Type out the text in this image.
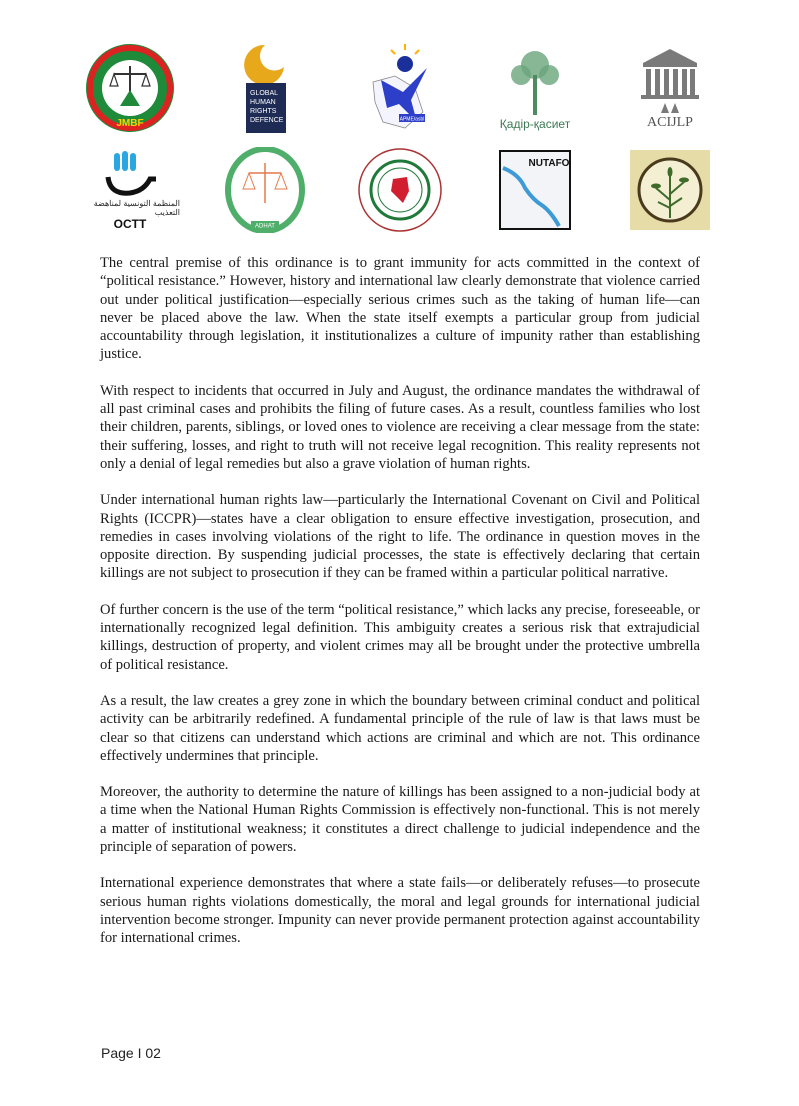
JMBF
GLOBAL
HUMAN
RIGHTS
DEFENCE	APME/asbl	Қадір-қасиет	ACIJLP
المنظمة التونسية لمناهضة التعذيب
OCTT	ADHAT
NUTAFO

The central premise of this ordinance is to grant immunity for acts committed in the context of “political resistance.” However, history and international law clearly demonstrate that violence carried out under political justification—especially serious crimes such as the taking of human life—can never be placed above the law. When the state itself exempts a particular group from judicial accountability through legislation, it institutionalizes a culture of impunity rather than establishing justice.

With respect to incidents that occurred in July and August, the ordinance mandates the withdrawal of all past criminal cases and prohibits the filing of future cases. As a result, countless families who lost their children, parents, siblings, or loved ones to violence are receiving a clear message from the state: their suffering, losses, and right to truth will not receive legal recognition. This reality represents not only a denial of legal remedies but also a grave violation of human rights.

Under international human rights law—particularly the International Covenant on Civil and Political Rights (ICCPR)—states have a clear obligation to ensure effective investigation, prosecution, and remedies in cases involving violations of the right to life. The ordinance in question moves in the opposite direction. By suspending judicial processes, the state is effectively declaring that certain killings are not subject to prosecution if they can be framed within a particular political narrative.

Of further concern is the use of the term “political resistance,” which lacks any precise, foreseeable, or internationally recognized legal definition. This ambiguity creates a serious risk that extrajudicial killings, destruction of property, and violent crimes may all be brought under the protective umbrella of political resistance.

As a result, the law creates a grey zone in which the boundary between criminal conduct and political activity can be arbitrarily redefined. A fundamental principle of the rule of law is that laws must be clear so that citizens can understand which actions are criminal and which are not. This ordinance effectively undermines that principle.

Moreover, the authority to determine the nature of killings has been assigned to a non-judicial body at a time when the National Human Rights Commission is effectively non-functional. This is not merely a matter of institutional weakness; it constitutes a direct challenge to judicial independence and the principle of separation of powers.

International experience demonstrates that where a state fails—or deliberately refuses—to prosecute serious human rights violations domestically, the moral and legal grounds for international judicial intervention become stronger. Impunity can never provide permanent protection against accountability for international crimes.

Page I 02
